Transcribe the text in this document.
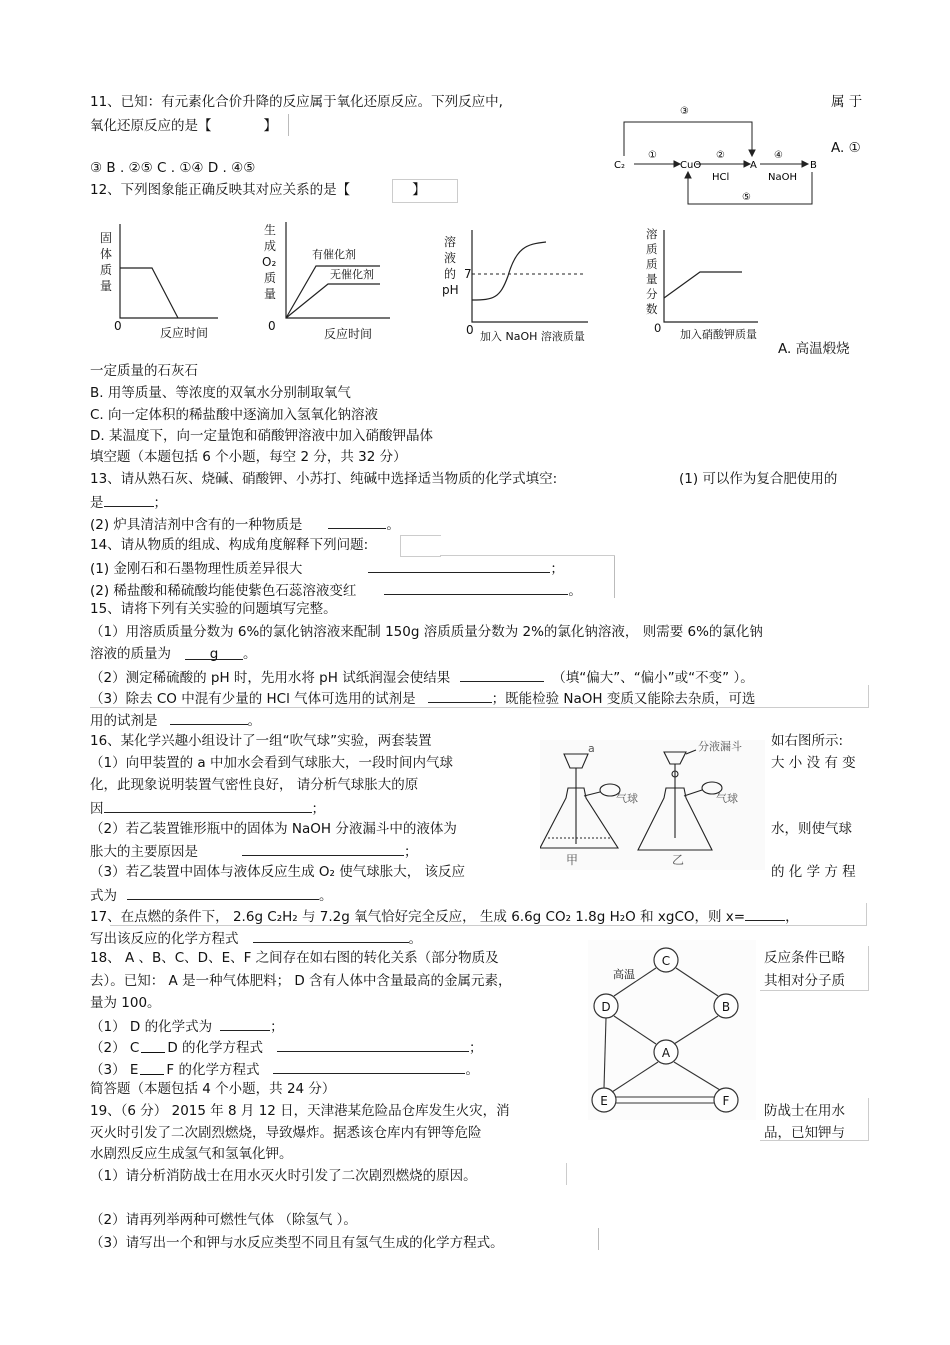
11、已知：有元素化合价升降的反应属于氧化还原反应。下列反应中,	属 于
氧化还原反应的是【	】
A. ①
③ B . ②⑤ C . ①④ D . ④⑤
③
C₂
①
CuO
②
HCl
A
④
NaOH
B
⑤
12、下列图象能正确反映其对应关系的是【	】
固
体
质
量
0	反应时间
生
成
O₂
质
量
0
反应时间
有催化剂
无催化剂
溶
液
的
pH
7
0 加入 NaOH 溶液质量
溶
质
质
量
分
数
0 加入硝酸钾质量
A. 高温煅烧
一定质量的石灰石
B. 用等质量、等浓度的双氧水分别制取氧气
C. 向一定体积的稀盐酸中逐滴加入氢氧化钠溶液
D. 某温度下，向一定量饱和硝酸钾溶液中加入硝酸钾晶体
填空题（本题包括 6 个小题，每空 2 分，共 32 分）
13、请从熟石灰、烧碱、硝酸钾、小苏打、纯碱中选择适当物质的化学式填空:	(1) 可以作为复合肥使用的
是	；
(2) 炉具清洁剂中含有的一种物质是	。
14、请从物质的组成、构成角度解释下列问题:
(1) 金刚石和石墨物理性质差异很大	；
(2) 稀盐酸和稀硫酸均能使紫色石蕊溶液变红	。
15、请将下列有关实验的问题填写完整。
（1）用溶质质量分数为 6%的氯化钠溶液来配制 150g 溶质质量分数为 2%的氯化钠溶液， 则需要 6%的氯化钠
溶液的质量为	g 。
（2）测定稀硫酸的 pH 时，先用水将 pH 试纸润湿会使结果	（填“偏大”、“偏小”或“不变” ）。
（3）除去 CO 中混有少量的 HCl 气体可选用的试剂是	；既能检验 NaOH 变质又能除去杂质，可选
用的试剂是	。
16、某化学兴趣小组设计了一组“吹气球”实验，两套装置	如右图所示:
（1）向甲装置的 a 中加水会看到气球胀大，一段时间内气球	大 小 没 有 变
化，此现象说明装置气密性良好， 请分析气球胀大的原
因	；
（2）若乙装置锥形瓶中的固体为 NaOH 分液漏斗中的液体为	水，则使气球
胀大的主要原因是	；
（3）若乙装置中固体与液体反应生成 O₂ 使气球胀大， 该反应	的 化 学 方 程
式为	。
a	分液漏斗
气球	气球
甲	乙
17、在点燃的条件下， 2.6g C₂H₂ 与 7.2g 氧气恰好完全反应， 生成 6.6g CO₂ 1.8g H₂O 和 xgCO，则 x=	，
写出该反应的化学方程式	。
18、 A 、B、C、D、E、F 之间存在如右图的转化关系（部分物质及	反应条件已略
去）。已知： A 是一种气体肥料； D 含有人体中含量最高的金属元素，	其相对分子质
量为 100。
（1） D 的化学式为	；
（2） C D 的化学方程式	；
（3） E F 的化学方程式	。
C
B
D
A
E	F
高温
简答题（本题包括 4 个小题，共 24 分）
19、（6 分） 2015 年 8 月 12 日，天津港某危险品仓库发生火灾，消	防战士在用水
灭火时引发了二次剧烈燃烧，导致爆炸。据悉该仓库内有钾等危险	品，已知钾与
水剧烈反应生成氢气和氢氧化钾。
（1）请分析消防战士在用水灭火时引发了二次剧烈燃烧的原因。
（2）请再列举两种可燃性气体 （除氢气 ）。
（3）请写出一个和钾与水反应类型不同且有氢气生成的化学方程式。
